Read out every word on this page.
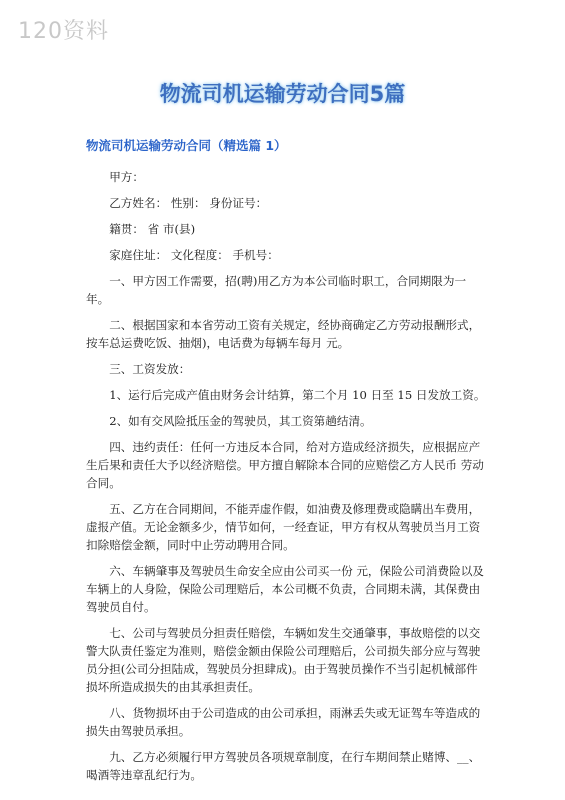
120资料
物流司机运输劳动合同5篇
物流司机运输劳动合同（精选篇 1）

甲方：

乙方姓名： 性别： 身份证号：

籍贯： 省 市(县)

家庭住址： 文化程度： 手机号：

一、甲方因工作需要，招(聘)用乙方为本公司临时职工，合同期限为一年。

二、根据国家和本省劳动工资有关规定，经协商确定乙方劳动报酬形式，按车总运费吃饭、抽烟)，电话费为每辆车每月 元。

三、工资发放：

1、运行后完成产值由财务会计结算，第二个月 10 日至 15 日发放工资。

2、如有交风险抵压金的驾驶员，其工资第趟结清。

四、违约责任：任何一方违反本合同，给对方造成经济损失，应根据应产生后果和责任大予以经济赔偿。甲方擅自解除本合同的应赔偿乙方人民币 劳动合同。

五、乙方在合同期间，不能弄虚作假，如油费及修理费或隐瞒出车费用，虚报产值。无论金额多少，情节如何，一经查证，甲方有权从驾驶员当月工资扣除赔偿金额，同时中止劳动聘用合同。

六、车辆肇事及驾驶员生命安全应由公司买一份 元，保险公司消费险以及车辆上的人身险，保险公司理赔后，本公司概不负责，合同期未满，其保费由驾驶员自付。

七、公司与驾驶员分担责任赔偿，车辆如发生交通肇事，事故赔偿的以交警大队责任鉴定为准则，赔偿金额由保险公司理赔后，公司损失部分应与驾驶员分担(公司分担陆成，驾驶员分担肆成)。由于驾驶员操作不当引起机械部件损坏所造成损失的由其承担责任。

八、货物损坏由于公司造成的由公司承担，雨淋丢失或无证驾车等造成的损失由驾驶员承担。

九、乙方必须履行甲方驾驶员各项规章制度，在行车期间禁止赌博、__、喝酒等违章乱纪行为。
